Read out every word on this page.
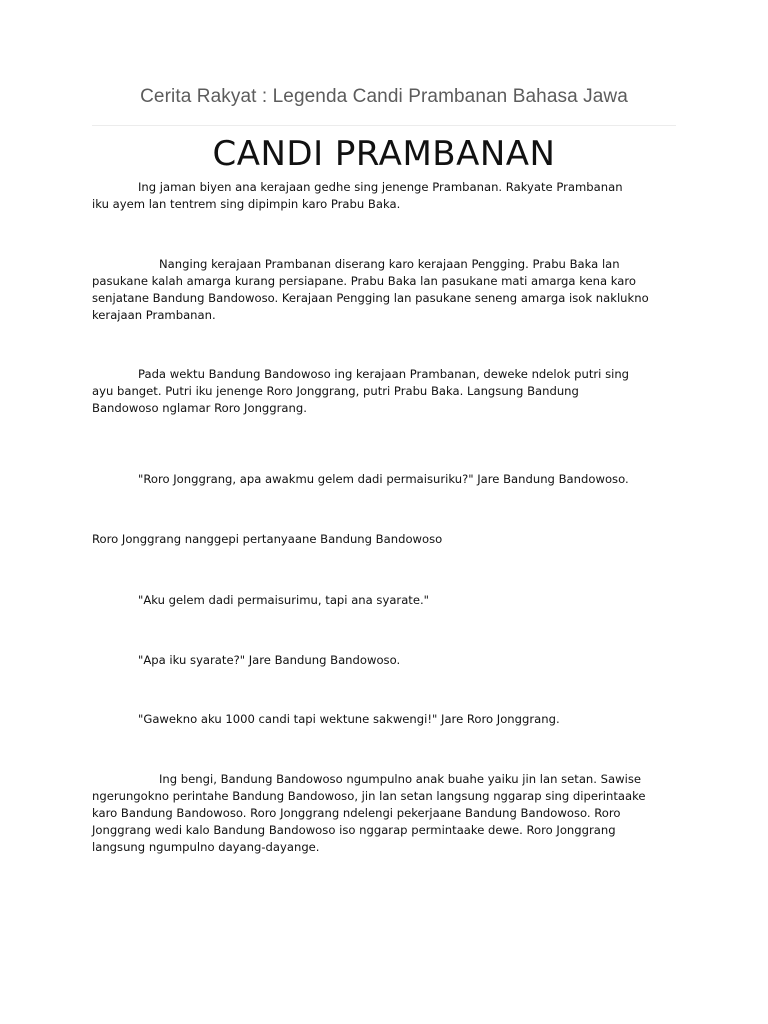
Cerita Rakyat : Legenda Candi Prambanan Bahasa Jawa
CANDI PRAMBANAN

Ing jaman biyen ana kerajaan gedhe sing jenenge Prambanan. Rakyate Prambanan
iku ayem lan tentrem sing dipimpin karo Prabu Baka.

Nanging kerajaan Prambanan diserang karo kerajaan Pengging. Prabu Baka lan
pasukane kalah amarga kurang persiapane. Prabu Baka lan pasukane mati amarga kena karo
senjatane Bandung Bandowoso. Kerajaan Pengging lan pasukane seneng amarga isok naklukno
kerajaan Prambanan.

Pada wektu Bandung Bandowoso ing kerajaan Prambanan, deweke ndelok putri sing
ayu banget. Putri iku jenenge Roro Jonggrang, putri Prabu Baka. Langsung Bandung
Bandowoso nglamar Roro Jonggrang.

"Roro Jonggrang, apa awakmu gelem dadi permaisuriku?" Jare Bandung Bandowoso.

Roro Jonggrang nanggepi pertanyaane Bandung Bandowoso

"Aku gelem dadi permaisurimu, tapi ana syarate."

"Apa iku syarate?" Jare Bandung Bandowoso.

"Gawekno aku 1000 candi tapi wektune sakwengi!" Jare Roro Jonggrang.

Ing bengi, Bandung Bandowoso ngumpulno anak buahe yaiku jin lan setan. Sawise
ngerungokno perintahe Bandung Bandowoso, jin lan setan langsung nggarap sing diperintaake
karo Bandung Bandowoso. Roro Jonggrang ndelengi pekerjaane Bandung Bandowoso. Roro
Jonggrang wedi kalo Bandung Bandowoso iso nggarap permintaake dewe. Roro Jonggrang
langsung ngumpulno dayang-dayange.
